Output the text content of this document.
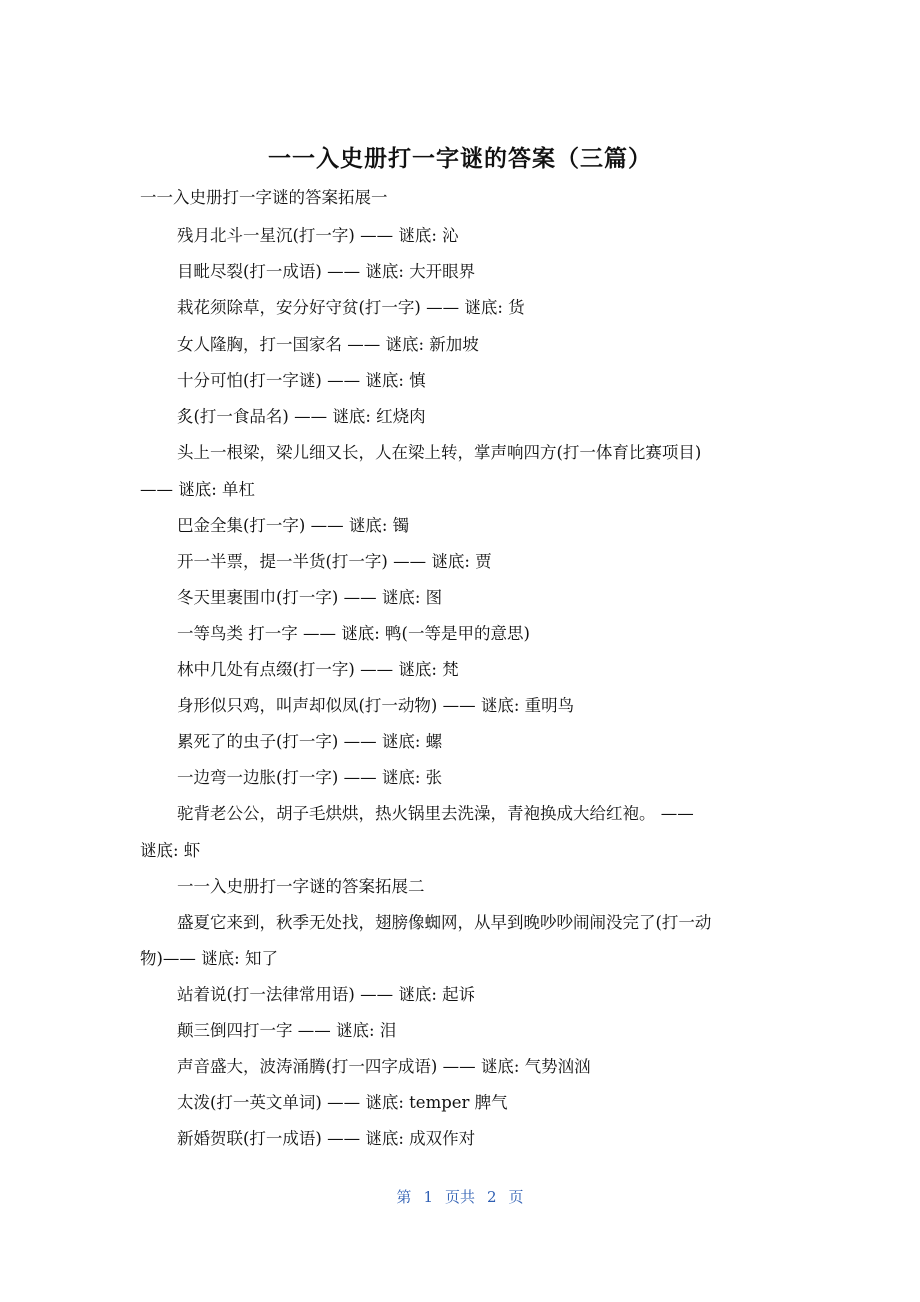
一一入史册打一字谜的答案（三篇）
一一入史册打一字谜的答案拓展一
残月北斗一星沉(打一字) —— 谜底: 沁
目毗尽裂(打一成语) —— 谜底: 大开眼界
栽花须除草，安分好守贫(打一字) —— 谜底: 货
女人隆胸，打一国家名 —— 谜底: 新加坡
十分可怕(打一字谜) —— 谜底: 慎
炙(打一食品名) —— 谜底: 红烧肉
头上一根梁，梁儿细又长，人在梁上转，掌声响四方(打一体育比赛项目)
—— 谜底: 单杠
巴金全集(打一字) —— 谜底: 镯
开一半票，提一半货(打一字) —— 谜底: 贾
冬天里裹围巾(打一字) —— 谜底: 图
一等鸟类 打一字 —— 谜底: 鸭(一等是甲的意思)
林中几处有点缀(打一字) —— 谜底: 梵
身形似只鸡，叫声却似凤(打一动物) —— 谜底: 重明鸟
累死了的虫子(打一字) —— 谜底: 螺
一边弯一边胀(打一字) —— 谜底: 张
驼背老公公，胡子毛烘烘，热火锅里去洗澡，青袍换成大给红袍。 ——
谜底: 虾
一一入史册打一字谜的答案拓展二
盛夏它来到，秋季无处找，翅膀像蜘网，从早到晚吵吵闹闹没完了(打一动
物)—— 谜底: 知了
站着说(打一法律常用语) —— 谜底: 起诉
颠三倒四打一字 —— 谜底: 泪
声音盛大，波涛涌腾(打一四字成语) —— 谜底: 气势汹汹
太泼(打一英文单词) —— 谜底: temper 脾气
新婚贺联(打一成语) —— 谜底: 成双作对
第 1 页共 2 页
